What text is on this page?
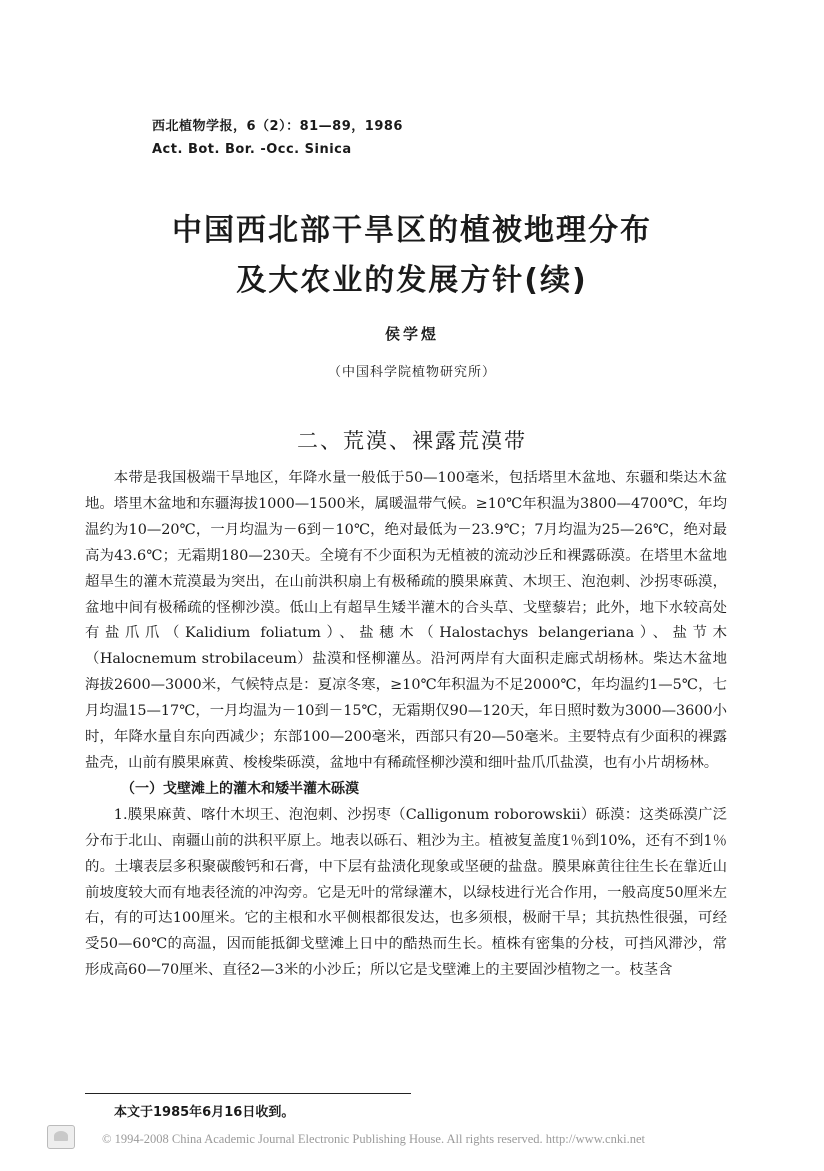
西北植物学报，6（2）：81—89，1986
Act. Bot. Bor. -Occ. Sinica
中国西北部干旱区的植被地理分布
及大农业的发展方针(续)
侯学煜
（中国科学院植物研究所）
二、荒漠、裸露荒漠带

本带是我国极端干旱地区，年降水量一般低于50—100毫米，包括塔里木盆地、东疆和柴达木盆地。塔里木盆地和东疆海拔1000—1500米，属暖温带气候。≥10℃年积温为3800—4700℃，年均温约为10—20℃，一月均温为－6到－10℃，绝对最低为－23.9℃；7月均温为25—26℃，绝对最高为43.6℃；无霜期180—230天。全境有不少面积为无植被的流动沙丘和裸露砾漠。在塔里木盆地超旱生的灌木荒漠最为突出，在山前洪积扇上有极稀疏的膜果麻黄、木坝王、泡泡刺、沙拐枣砾漠，盆地中间有极稀疏的怪柳沙漠。低山上有超旱生矮半灌木的合头草、戈壁藜岩；此外，地下水较高处有盐爪爪（Kalidium foliatum）、盐穗木（Halostachys belangeriana）、盐节木（Halocnemum strobilaceum）盐漠和怪柳灌丛。沿河两岸有大面积走廊式胡杨林。柴达木盆地海拔2600—3000米，气候特点是：夏凉冬寒，≥10℃年积温为不足2000℃，年均温约1—5℃，七月均温15—17℃，一月均温为－10到－15℃，无霜期仅90—120天，年日照时数为3000—3600小时，年降水量自东向西减少；东部100—200毫米，西部只有20—50毫米。主要特点有少面积的裸露盐壳，山前有膜果麻黄、梭梭柴砾漠，盆地中有稀疏怪柳沙漠和细叶盐爪爪盐漠，也有小片胡杨林。

（一）戈壁滩上的灌木和矮半灌木砾漠

1.膜果麻黄、喀什木坝王、泡泡刺、沙拐枣（Calligonum roborowskii）砾漠：这类砾漠广泛分布于北山、南疆山前的洪积平原上。地表以砾石、粗沙为主。植被复盖度1％到10%，还有不到1％的。土壤表层多积聚碳酸钙和石膏，中下层有盐渍化现象或坚硬的盐盘。膜果麻黄往往生长在靠近山前坡度较大而有地表径流的冲沟旁。它是无叶的常绿灌木，以绿枝进行光合作用，一般高度50厘米左右，有的可达100厘米。它的主根和水平侧根都很发达，也多须根，极耐干旱；其抗热性很强，可经受50—60℃的高温，因而能抵御戈壁滩上日中的酷热而生长。植株有密集的分枝，可挡风滞沙，常形成高60—70厘米、直径2—3米的小沙丘；所以它是戈壁滩上的主要固沙植物之一。枝茎含

本文于1985年6月16日收到。
© 1994-2008 China Academic Journal Electronic Publishing House. All rights reserved. http://www.cnki.net
